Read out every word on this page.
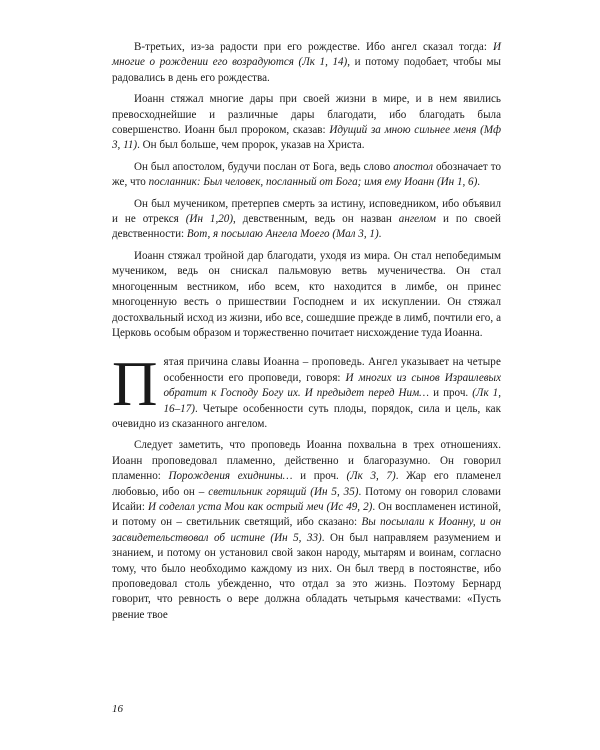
В-третьих, из-за радости при его рождестве. Ибо ангел сказал тогда: И многие о рождении его возрадуются (Лк 1, 14), и потому подобает, чтобы мы радовались в день его рождества.

Иоанн стяжал многие дары при своей жизни в мире, и в нем явились превосходнейшие и различные дары благодати, ибо благодать была совершенство. Иоанн был пророком, сказав: Идущий за мною сильнее меня (Мф 3, 11). Он был больше, чем пророк, указав на Христа.

Он был апостолом, будучи послан от Бога, ведь слово апостол обозначает то же, что посланник: Был человек, посланный от Бога; имя ему Иоанн (Ин 1, 6).

Он был мучеником, претерпев смерть за истину, исповедником, ибо объявил и не отрекся (Ин 1,20), девственным, ведь он назван ангелом и по своей девственности: Вот, я посылаю Ангела Моего (Мал 3, 1).

Иоанн стяжал тройной дар благодати, уходя из мира. Он стал непобедимым мучеником, ведь он снискал пальмовую ветвь мученичества. Он стал многоценным вестником, ибо всем, кто находится в лимбе, он принес многоценную весть о пришествии Господнем и их искуплении. Он стяжал достохвальный исход из жизни, ибо все, сошедшие прежде в лимб, почтили его, а Церковь особым образом и торжественно почитает нисхождение туда Иоанна.

Пятая причина славы Иоанна – проповедь. Ангел указывает на четыре особенности его проповеди, говоря: И многих из сынов Израилевых обратит к Господу Богу их. И предыдет перед Ним… и проч. (Лк 1, 16–17). Четыре особенности суть плоды, порядок, сила и цель, как очевидно из сказанного ангелом.

Следует заметить, что проповедь Иоанна похвальна в трех отношениях. Иоанн проповедовал пламенно, действенно и благоразумно. Он говорил пламенно: Порождения ехиднины… и проч. (Лк 3, 7). Жар его пламенел любовью, ибо он – светильник горящий (Ин 5, 35). Потому он говорил словами Исайи: И соделал уста Мои как острый меч (Ис 49, 2). Он воспламенен истиной, и потому он – светильник светящий, ибо сказано: Вы посылали к Иоанну, и он засвидетельствовал об истине (Ин 5, 33). Он был направляем разумением и знанием, и потому он установил свой закон народу, мытарям и воинам, согласно тому, что было необходимо каждому из них. Он был тверд в постоянстве, ибо проповедовал столь убежденно, что отдал за это жизнь. Поэтому Бернард говорит, что ревность о вере должна обладать четырьмя качествами: «Пусть рвение твое

16
